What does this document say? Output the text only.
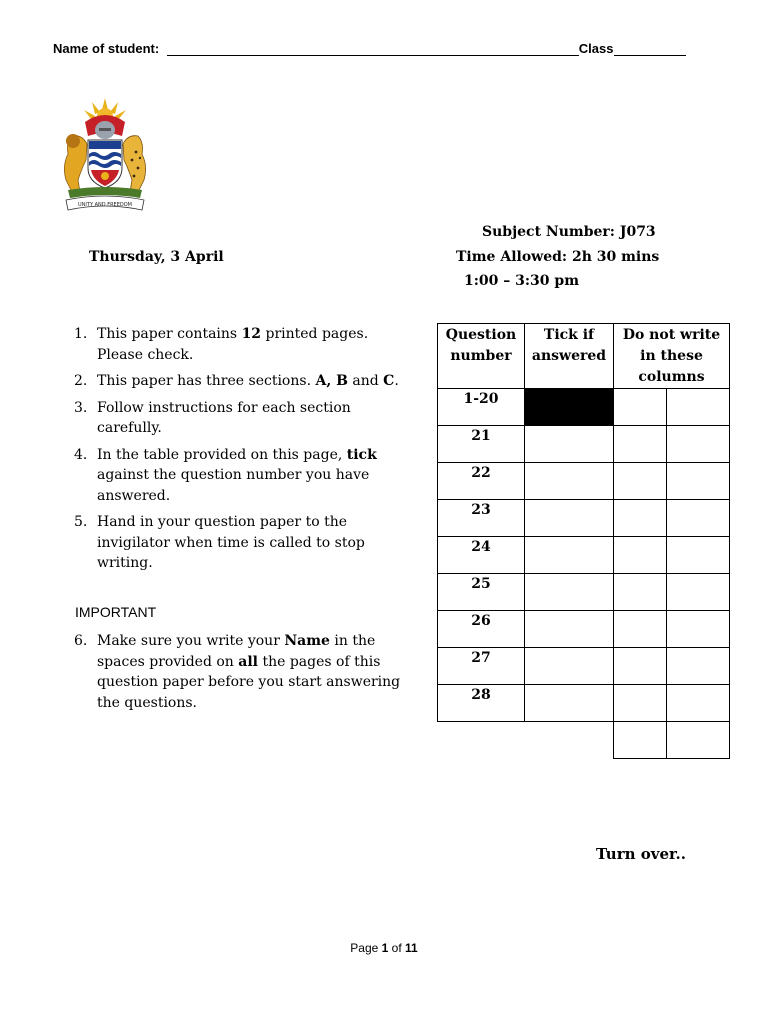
Name of student:	Class
UNITY AND FREEDOM
Subject Number: J073
Thursday, 3 April	Time Allowed: 2h 30 mins
1:00 – 3:30 pm
1. This paper contains 12 printed pages. Please check.
2. This paper has three sections. A, B and C.
3. Follow instructions for each section carefully.
4. In the table provided on this page, tick against the question number you have answered.
5. Hand in your question paper to the invigilator when time is called to stop writing.
IMPORTANT
6. Make sure you write your Name in the spaces provided on all the pages of this question paper before you start answering the questions.
Question number	Tick if answered	Do not write in these columns	
1-20			
21			
22			
23			
24			
25			
26			
27			
28			

Turn over..
Page 1 of 11
